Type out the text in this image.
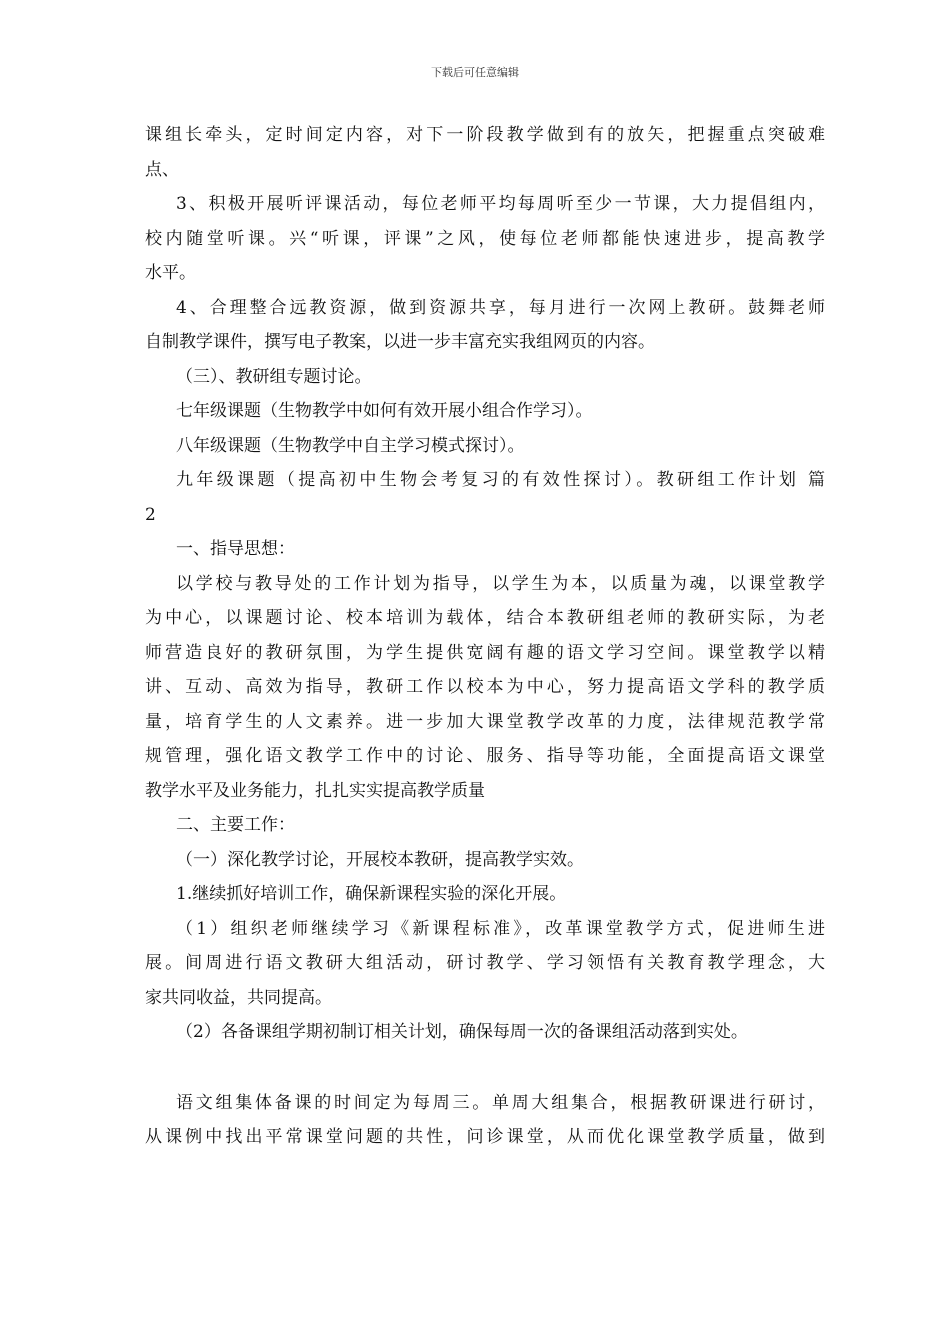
下载后可任意编辑
课组长牵头，定时间定内容，对下一阶段教学做到有的放矢，把握重点突破难
点、
3、积极开展听评课活动，每位老师平均每周听至少一节课，大力提倡组内，
校内随堂听课。兴“听课，评课”之风，使每位老师都能快速进步，提高教学
水平。
4、合理整合远教资源，做到资源共享，每月进行一次网上教研。鼓舞老师
自制教学课件，撰写电子教案，以进一步丰富充实我组网页的内容。
（三）、教研组专题讨论。
七年级课题（生物教学中如何有效开展小组合作学习）。
八年级课题（生物教学中自主学习模式探讨）。
九年级课题（提高初中生物会考复习的有效性探讨）。教研组工作计划 篇
2
一、指导思想：
以学校与教导处的工作计划为指导，以学生为本，以质量为魂，以课堂教学
为中心，以课题讨论、校本培训为载体，结合本教研组老师的教研实际，为老
师营造良好的教研氛围，为学生提供宽阔有趣的语文学习空间。课堂教学以精
讲、互动、高效为指导，教研工作以校本为中心，努力提高语文学科的教学质
量，培育学生的人文素养。进一步加大课堂教学改革的力度，法律规范教学常
规管理，强化语文教学工作中的讨论、服务、指导等功能，全面提高语文课堂
教学水平及业务能力，扎扎实实提高教学质量
二、主要工作：
（一）深化教学讨论，开展校本教研，提高教学实效。
1.继续抓好培训工作，确保新课程实验的深化开展。
（1）组织老师继续学习《新课程标准》，改革课堂教学方式，促进师生进
展。间周进行语文教研大组活动，研讨教学、学习领悟有关教育教学理念，大
家共同收益，共同提高。
（2）各备课组学期初制订相关计划，确保每周一次的备课组活动落到实处。
语文组集体备课的时间定为每周三。单周大组集合，根据教研课进行研讨，
从课例中找出平常课堂问题的共性，问诊课堂，从而优化课堂教学质量，做到
